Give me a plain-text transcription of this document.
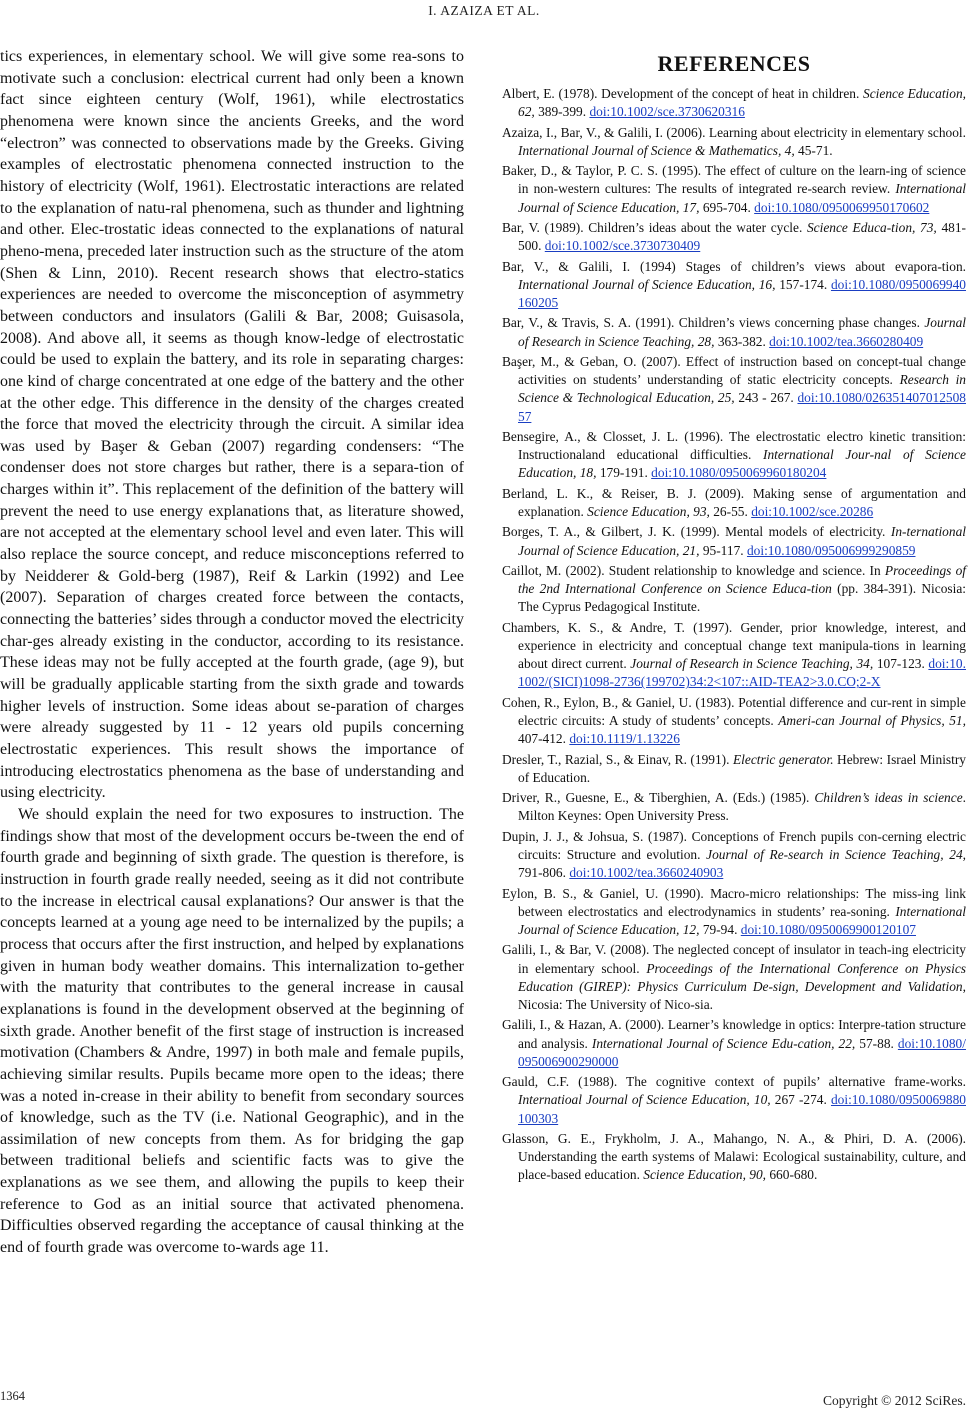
I. AZAIZA ET AL.

tics experiences, in elementary school. We will give some rea-sons to motivate such a conclusion: electrical current had only been a known fact since eighteen century (Wolf, 1961), while electrostatics phenomena were known since the ancients Greeks, and the word “electron” was connected to observations made by the Greeks. Giving examples of electrostatic phenomena connected instruction to the history of electricity (Wolf, 1961). Electrostatic interactions are related to the explanation of natu-ral phenomena, such as thunder and lightning and other. Elec-trostatic ideas connected to the explanations of natural pheno-mena, preceded later instruction such as the structure of the atom (Shen & Linn, 2010). Recent research shows that electro-statics experiences are needed to overcome the misconception of asymmetry between conductors and insulators (Galili & Bar, 2008; Guisasola, 2008). And above all, it seems as though know-ledge of electrostatic could be used to explain the battery, and its role in separating charges: one kind of charge concentrated at one edge of the battery and the other at the other edge. This difference in the density of the charges created the force that moved the electricity through the circuit. A similar idea was used by Başer & Geban (2007) regarding condensers: “The condenser does not store charges but rather, there is a separa-tion of charges within it”. This replacement of the definition of the battery will prevent the need to use energy explanations that, as literature showed, are not accepted at the elementary school level and even later. This will also replace the source concept, and reduce misconceptions referred to by Neidderer & Gold-berg (1987), Reif & Larkin (1992) and Lee (2007). Separation of charges created force between the contacts, connecting the batteries’ sides through a conductor moved the electricity char-ges already existing in the conductor, according to its resistance. These ideas may not be fully accepted at the fourth grade, (age 9), but will be gradually applicable starting from the sixth grade and towards higher levels of instruction. Some ideas about se-paration of charges were already suggested by 11 - 12 years old pupils concerning electrostatic experiences. This result shows the importance of introducing electrostatics phenomena as the base of understanding and using electricity.

We should explain the need for two exposures to instruction. The findings show that most of the development occurs be-tween the end of fourth grade and beginning of sixth grade. The question is therefore, is instruction in fourth grade really needed, seeing as it did not contribute to the increase in electrical causal explanations? Our answer is that the concepts learned at a young age need to be internalized by the pupils; a process that occurs after the first instruction, and helped by explanations given in human body weather domains. This internalization to-gether with the maturity that contributes to the general increase in causal explanations is found in the development observed at the beginning of sixth grade. Another benefit of the first stage of instruction is increased motivation (Chambers & Andre, 1997) in both male and female pupils, achieving similar results. Pupils became more open to the ideas; there was a noted in-crease in their ability to benefit from secondary sources of knowledge, such as the TV (i.e. National Geographic), and in the assimilation of new concepts from them. As for bridging the gap between traditional beliefs and scientific facts was to give the explanations as we see them, and allowing the pupils to keep their reference to God as an initial source that activated phenomena. Difficulties observed regarding the acceptance of causal thinking at the end of fourth grade was overcome to-wards age 11.

REFERENCES
Albert, E. (1978). Development of the concept of heat in children. Science Education, 62, 389-399. doi:10.1002/sce.3730620316
Azaiza, I., Bar, V., & Galili, I. (2006). Learning about electricity in elementary school. International Journal of Science & Mathematics, 4, 45-71.
Baker, D., & Taylor, P. C. S. (1995). The effect of culture on the learn-ing of science in non-western cultures: The results of integrated re-search review. International Journal of Science Education, 17, 695-704. doi:10.1080/0950069950170602
Bar, V. (1989). Children’s ideas about the water cycle. Science Educa-tion, 73, 481-500. doi:10.1002/sce.3730730409
Bar, V., & Galili, I. (1994) Stages of children’s views about evapora-tion. International Journal of Science Education, 16, 157-174. doi:10.1080/0950069940160205
Bar, V., & Travis, S. A. (1991). Children’s views concerning phase changes. Journal of Research in Science Teaching, 28, 363-382. doi:10.1002/tea.3660280409
Başer, M., & Geban, O. (2007). Effect of instruction based on concept-tual change activities on students’ understanding of static electricity concepts. Research in Science & Technological Education, 25, 243 - 267. doi:10.1080/02635140701250857
Bensegire, A., & Closset, J. L. (1996). The electrostatic electro kinetic transition: Instructionaland educational difficulties. International Jour-nal of Science Education, 18, 179-191. doi:10.1080/0950069960180204
Berland, L. K., & Reiser, B. J. (2009). Making sense of argumentation and explanation. Science Education, 93, 26-55. doi:10.1002/sce.20286
Borges, T. A., & Gilbert, J. K. (1999). Mental models of electricity. In-ternational Journal of Science Education, 21, 95-117. doi:10.1080/095006999290859
Caillot, M. (2002). Student relationship to knowledge and science. In Proceedings of the 2nd International Conference on Science Educa-tion (pp. 384-391). Nicosia: The Cyprus Pedagogical Institute.
Chambers, K. S., & Andre, T. (1997). Gender, prior knowledge, interest, and experience in electricity and conceptual change text manipula-tions in learning about direct current. Journal of Research in Science Teaching, 34, 107-123. doi:10.1002/(SICI)1098-2736(199702)34:2<107::AID-TEA2>3.0.CO;2-X
Cohen, R., Eylon, B., & Ganiel, U. (1983). Potential difference and cur-rent in simple electric circuits: A study of students’ concepts. Ameri-can Journal of Physics, 51, 407-412. doi:10.1119/1.13226
Dresler, T., Razial, S., & Einav, R. (1991). Electric generator. Hebrew: Israel Ministry of Education.
Driver, R., Guesne, E., & Tiberghien, A. (Eds.) (1985). Children’s ideas in science. Milton Keynes: Open University Press.
Dupin, J. J., & Johsua, S. (1987). Conceptions of French pupils con-cerning electric circuits: Structure and evolution. Journal of Re-search in Science Teaching, 24, 791-806. doi:10.1002/tea.3660240903
Eylon, B. S., & Ganiel, U. (1990). Macro-micro relationships: The miss-ing link between electrostatics and electrodynamics in students’ rea-soning. International Journal of Science Education, 12, 79-94. doi:10.1080/0950069900120107
Galili, I., & Bar, V. (2008). The neglected concept of insulator in teach-ing electricity in elementary school. Proceedings of the International Conference on Physics Education (GIREP): Physics Curriculum De-sign, Development and Validation, Nicosia: The University of Nico-sia.
Galili, I., & Hazan, A. (2000). Learner’s knowledge in optics: Interpre-tation structure and analysis. International Journal of Science Edu-cation, 22, 57-88. doi:10.1080/095006900290000
Gauld, C.F. (1988). The cognitive context of pupils’ alternative frame-works. Internatioal Journal of Science Education, 10, 267 -274. doi:10.1080/0950069880100303
Glasson, G. E., Frykholm, J. A., Mahango, N. A., & Phiri, D. A. (2006). Understanding the earth systems of Malawi: Ecological sustainability, culture, and place-based education. Science Education, 90, 660-680.
1364	Copyright © 2012 SciRes.
